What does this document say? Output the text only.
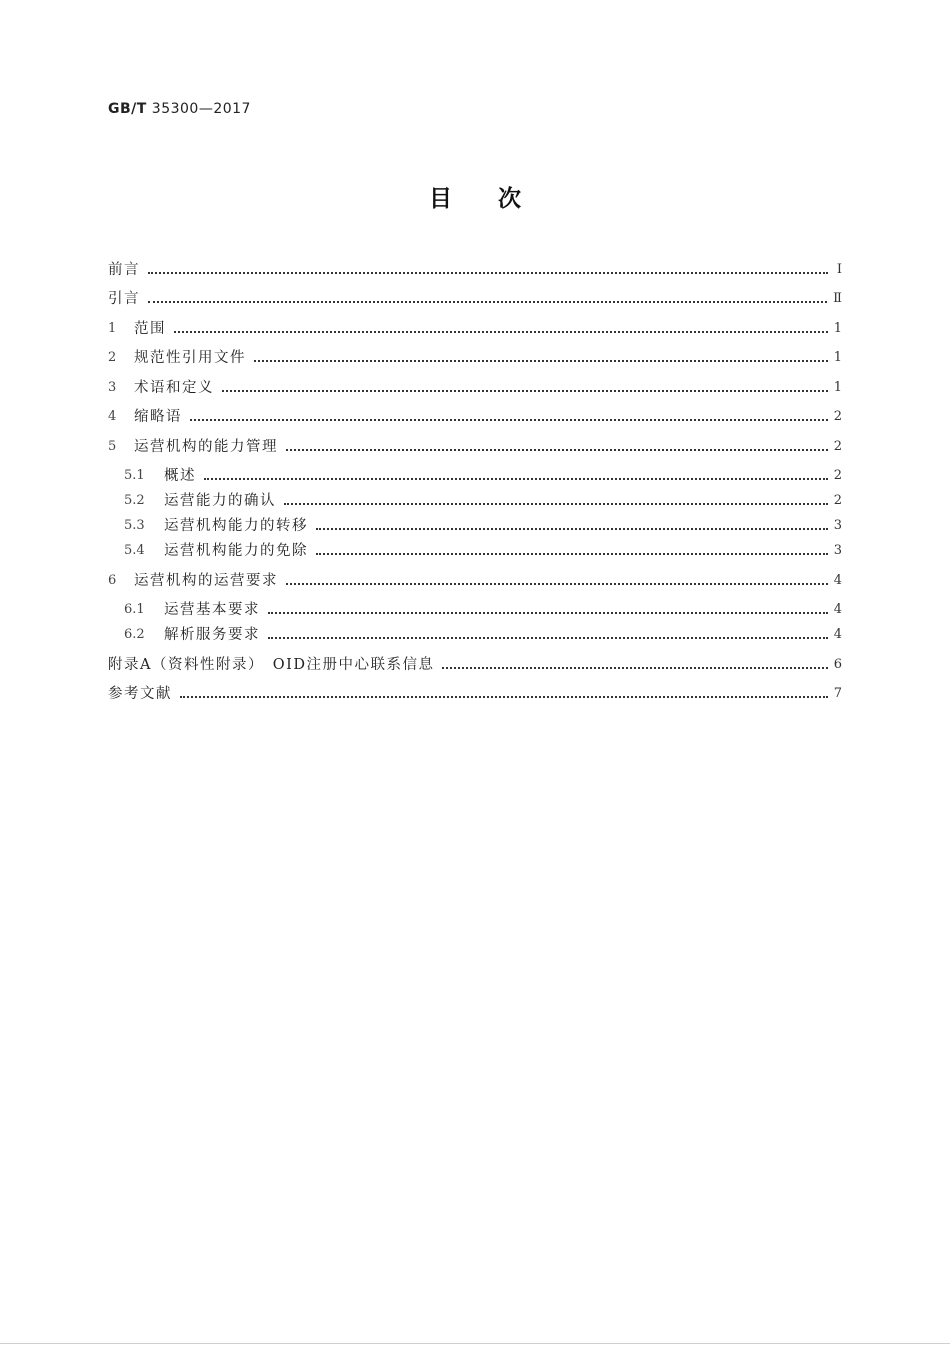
GB/T 35300—2017
目 次
前言	Ⅰ
引言	Ⅱ
1	范围	1
2	规范性引用文件	1
3	术语和定义	1
4	缩略语	2
5	运营机构的能力管理	2
5.1	概述	2
5.2	运营能力的确认	2
5.3	运营机构能力的转移	3
5.4	运营机构能力的免除	3
6	运营机构的运营要求	4
6.1	运营基本要求	4
6.2	解析服务要求	4
附录A（资料性附录）　OID注册中心联系信息	6
参考文献	7
